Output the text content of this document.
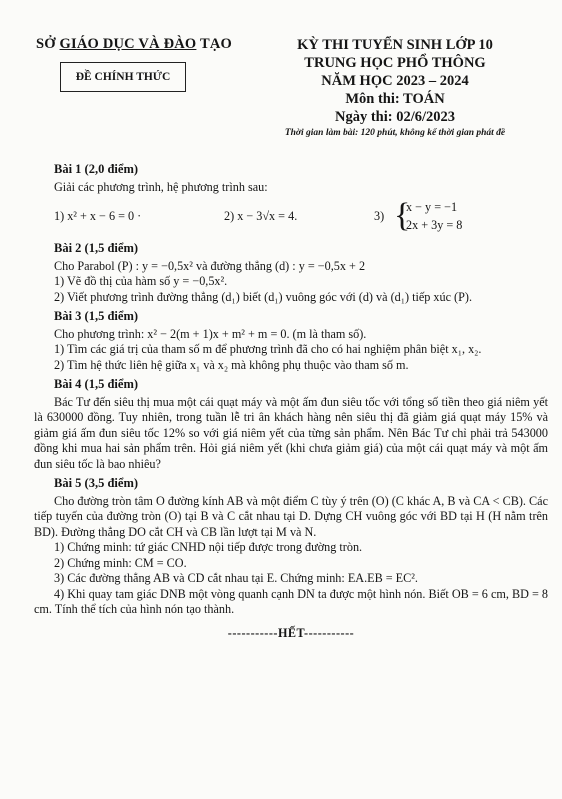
SỞ GIÁO DỤC VÀ ĐÀO TẠO
ĐỀ CHÍNH THỨC
KỲ THI TUYỂN SINH LỚP 10
TRUNG HỌC PHỔ THÔNG
NĂM HỌC 2023 – 2024
Môn thi: TOÁN
Ngày thi: 02/6/2023
Thời gian làm bài: 120 phút, không kể thời gian phát đề
Bài 1 (2,0 điểm)

Giải các phương trình, hệ phương trình sau:

1) x² + x − 6 = 0 ·	2) x − 3√x = 4.	3) {
x − y = −1
2x + 3y = 8
Bài 2 (1,5 điểm)

Cho Parabol (P) : y = −0,5x² và đường thẳng (d) : y = −0,5x + 2

1) Vẽ đồ thị của hàm số y = −0,5x².

2) Viết phương trình đường thẳng (d₁) biết (d₁) vuông góc với (d) và (d₁) tiếp xúc (P).

Bài 3 (1,5 điểm)

Cho phương trình: x² − 2(m + 1)x + m² + m = 0. (m là tham số).

1) Tìm các giá trị của tham số m để phương trình đã cho có hai nghiệm phân biệt x₁, x₂.

2) Tìm hệ thức liên hệ giữa x₁ và x₂ mà không phụ thuộc vào tham số m.

Bài 4 (1,5 điểm)

Bác Tư đến siêu thị mua một cái quạt máy và một ấm đun siêu tốc với tổng số tiền theo giá niêm yết là 630000 đồng. Tuy nhiên, trong tuần lễ tri ân khách hàng nên siêu thị đã giảm giá quạt máy 15% và giảm giá ấm đun siêu tốc 12% so với giá niêm yết của từng sản phẩm. Nên Bác Tư chỉ phải trả 543000 đồng khi mua hai sản phẩm trên. Hỏi giá niêm yết (khi chưa giảm giá) của một cái quạt máy và một ấm đun siêu tốc là bao nhiêu?

Bài 5 (3,5 điểm)

Cho đường tròn tâm O đường kính AB và một điểm C tùy ý trên (O) (C khác A, B và CA < CB). Các tiếp tuyến của đường tròn (O) tại B và C cắt nhau tại D. Dựng CH vuông góc với BD tại H (H nằm trên BD). Đường thẳng DO cắt CH và CB lần lượt tại M và N.

1) Chứng minh: tứ giác CNHD nội tiếp được trong đường tròn.

2) Chứng minh: CM = CO.

3) Các đường thẳng AB và CD cắt nhau tại E. Chứng minh: EA.EB = EC².

4) Khi quay tam giác DNB một vòng quanh cạnh DN ta được một hình nón. Biết OB = 6 cm, BD = 8 cm. Tính thể tích của hình nón tạo thành.

-----------HẾT-----------
